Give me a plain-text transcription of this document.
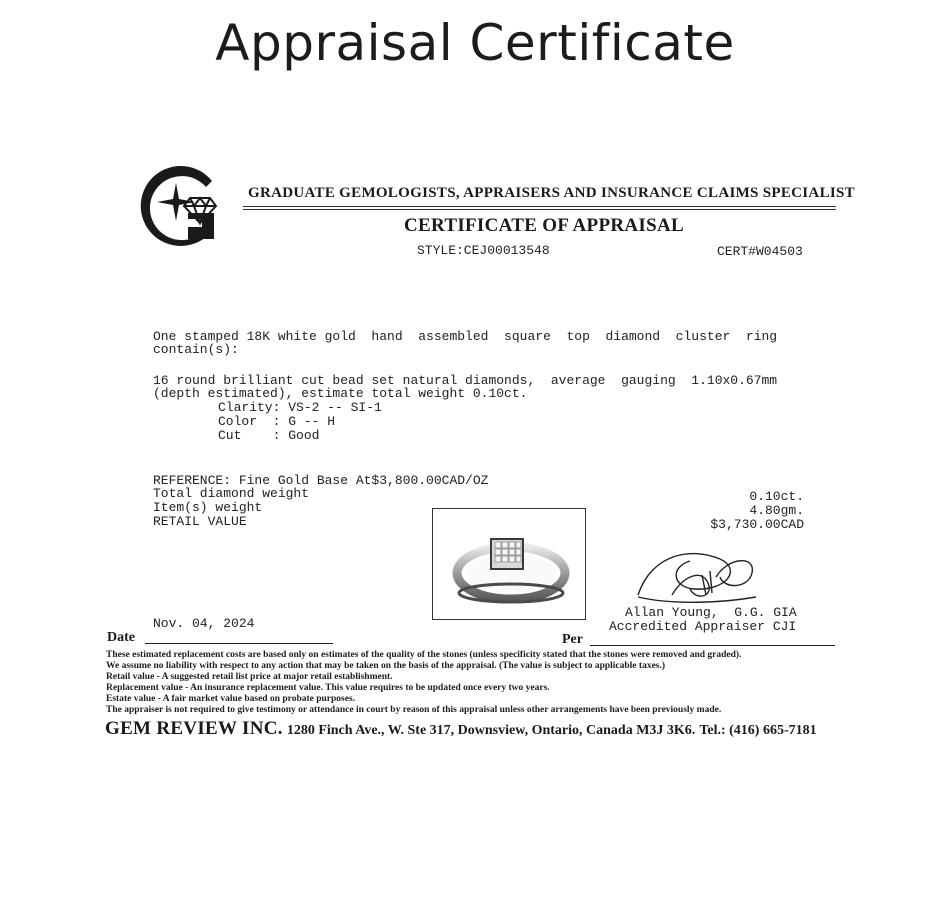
Appraisal Certificate
GRADUATE GEMOLOGISTS, APPRAISERS AND INSURANCE CLAIMS SPECIALIST
CERTIFICATE OF APPRAISAL
STYLE:CEJ00013548	CERT#W04503
One stamped 18K white gold  hand  assembled  square  top  diamond  cluster  ring
contain(s):
16 round brilliant cut bead set natural diamonds,  average  gauging  1.10x0.67mm
(depth estimated), estimate total weight 0.10ct.
Clarity: VS-2 -- SI-1
Color  : G -- H
Cut    : Good
REFERENCE: Fine Gold Base At$3,800.00CAD/OZ
Total diamond weight
Item(s) weight
RETAIL VALUE
0.10ct.
4.80gm.
$3,730.00CAD
Nov. 04, 2024
Allan Young,  G.G. GIA
Accredited Appraiser CJI
Date	Per
These estimated replacement costs are based only on estimates of the quality of the stones (unless specificity stated that the stones were removed and graded).
We assume no liability with respect to any action that may be taken on the basis of the appraisal. (The value is subject to applicable taxes.)
Retail value - A suggested retail list price at major retail establishment.
Replacement value - An insurance replacement value. This value requires to be updated once every two years.
Estate value - A fair market value based on probate purposes.
The appraiser is not required to give testimony or attendance in court by reason of this appraisal unless other arrangements have been previously made.
GEM REVIEW INC. 1280 Finch Ave., W. Ste 317, Downsview, Ontario, Canada M3J 3K6. Tel.: (416) 665-7181
